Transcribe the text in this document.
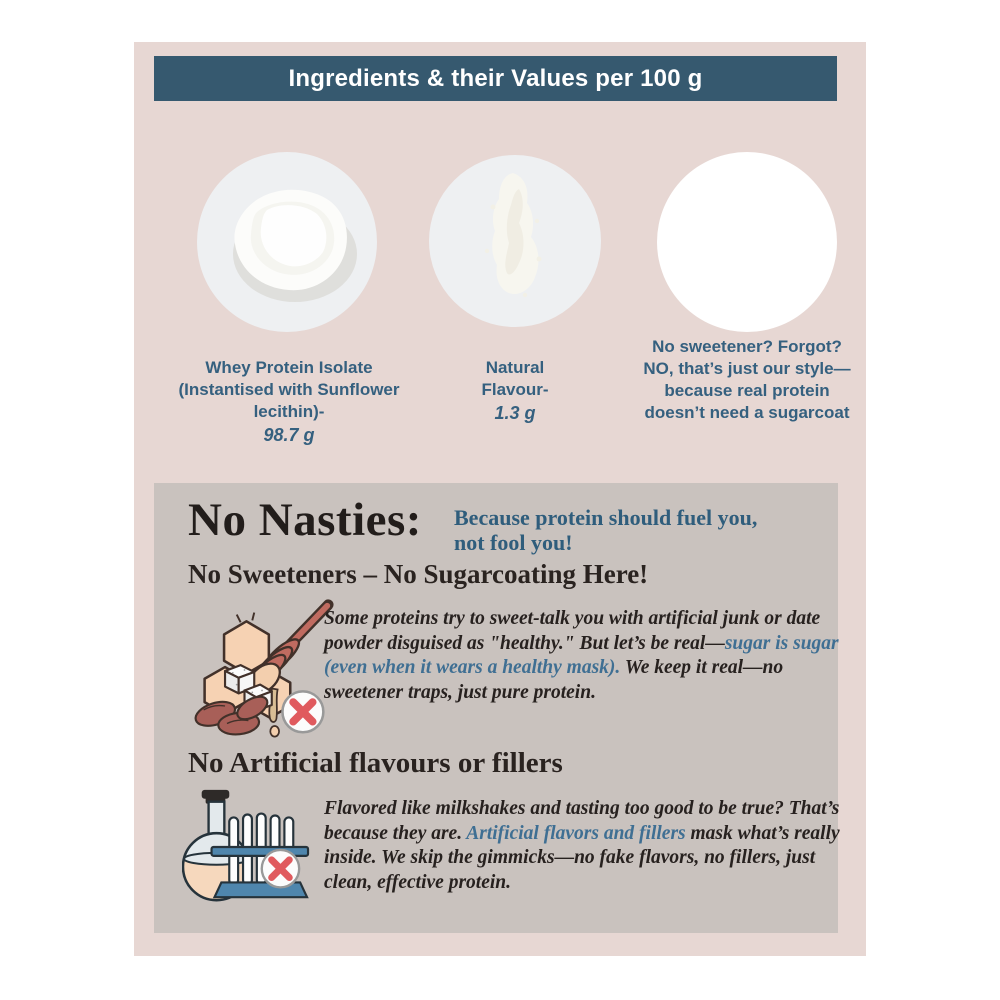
Ingredients & their Values per 100 g
Whey Protein Isolate
(Instantised with Sunflower lecithin)-
98.7 g
Natural
Flavour-
1.3 g
No sweetener? Forgot?
NO, that’s just our style—
because real protein
doesn’t need a sugarcoat
No Nasties: Because protein should fuel you,
not fool you!
No Sweeteners – No Sugarcoating Here!
Some proteins try to sweet-talk you with artificial junk or date powder disguised as "healthy." But let’s be real—sugar is sugar (even when it wears a healthy mask). We keep it real—no sweetener traps, just pure protein.
No Artificial flavours or fillers
Flavored like milkshakes and tasting too good to be true? That’s because they are. Artificial flavors and fillers mask what’s really inside. We skip the gimmicks—no fake flavors, no fillers, just clean, effective protein.
